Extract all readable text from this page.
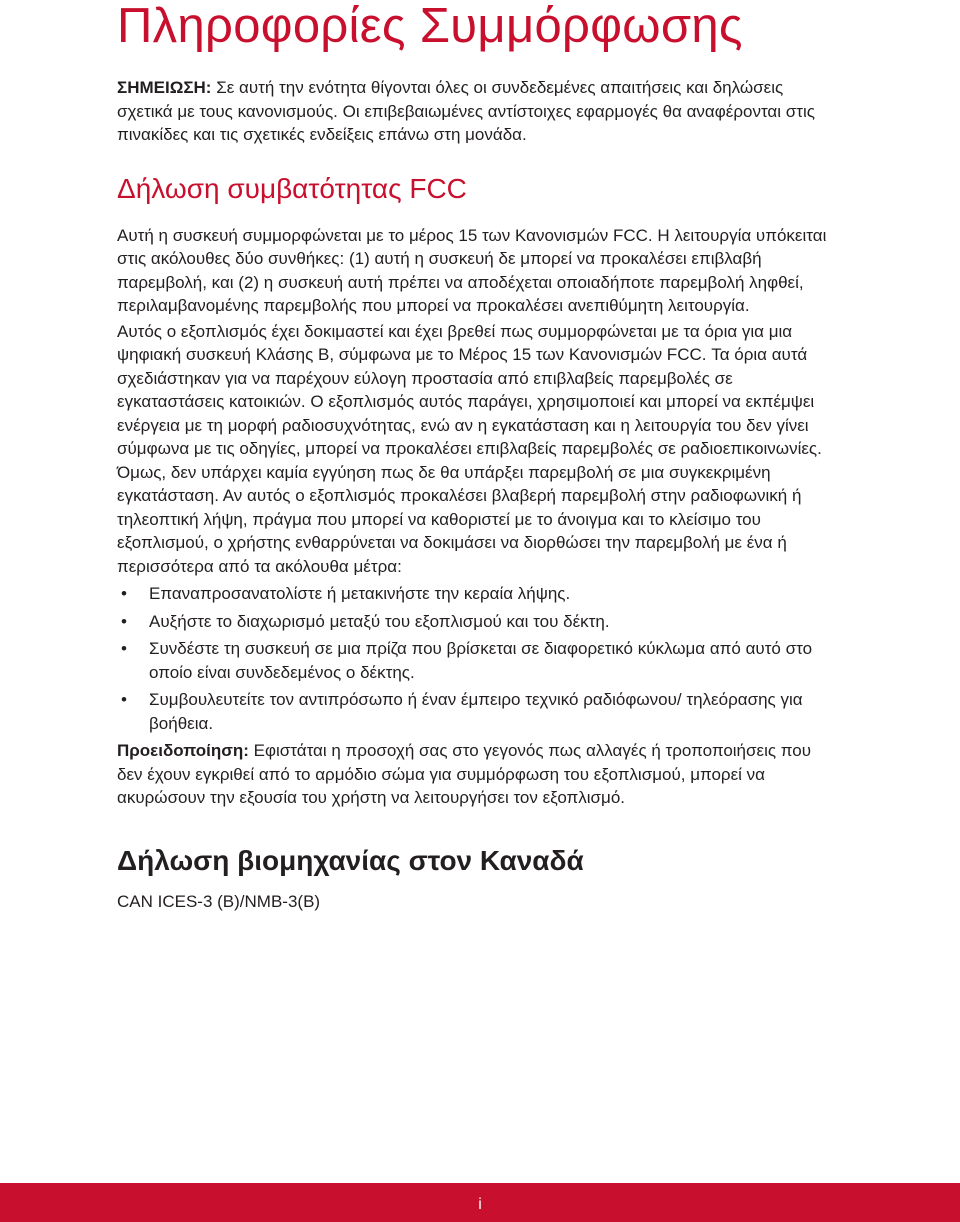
Πληροφορίες Συμμόρφωσης

ΣΗΜΕΙΩΣΗ: Σε αυτή την ενότητα θίγονται όλες οι συνδεδεμένες απαιτήσεις και δηλώσεις σχετικά με τους κανονισμούς. Οι επιβεβαιωμένες αντίστοιχες εφαρμογές θα αναφέρονται στις πινακίδες και τις σχετικές ενδείξεις επάνω στη μονάδα.

Δήλωση συμβατότητας FCC

Αυτή η συσκευή συμμορφώνεται με το μέρος 15 των Κανονισμών FCC. Η λειτουργία υπόκειται στις ακόλουθες δύο συνθήκες: (1) αυτή η συσκευή δε μπορεί να προκαλέσει επιβλαβή παρεμβολή, και (2) η συσκευή αυτή πρέπει να αποδέχεται οποιαδήποτε παρεμβολή ληφθεί, περιλαμβανομένης παρεμβολής που μπορεί να προκαλέσει ανεπιθύμητη λειτουργία.

Αυτός ο εξοπλισμός έχει δοκιμαστεί και έχει βρεθεί πως συμμορφώνεται με τα όρια για μια ψηφιακή συσκευή Κλάσης B, σύμφωνα με το Μέρος 15 των Κανονισμών FCC. Τα όρια αυτά σχεδιάστηκαν για να παρέχουν εύλογη προστασία από επιβλαβείς παρεμβολές σε εγκαταστάσεις κατοικιών. Ο εξοπλισμός αυτός παράγει, χρησιμοποιεί και μπορεί να εκπέμψει ενέργεια με τη μορφή ραδιοσυχνότητας, ενώ αν η εγκατάσταση και η λειτουργία του δεν γίνει σύμφωνα με τις οδηγίες, μπορεί να προκαλέσει επιβλαβείς παρεμβολές σε ραδιοεπικοινωνίες. Όμως, δεν υπάρχει καμία εγγύηση πως δε θα υπάρξει παρεμβολή σε μια συγκεκριμένη εγκατάσταση. Αν αυτός ο εξοπλισμός προκαλέσει βλαβερή παρεμβολή στην ραδιοφωνική ή τηλεοπτική λήψη, πράγμα που μπορεί να καθοριστεί με το άνοιγμα και το κλείσιμο του εξοπλισμού, ο χρήστης ενθαρρύνεται να δοκιμάσει να διορθώσει την παρεμβολή με ένα ή περισσότερα από τα ακόλουθα μέτρα:

• Επαναπροσανατολίστε ή μετακινήστε την κεραία λήψης.
• Αυξήστε το διαχωρισμό μεταξύ του εξοπλισμού και του δέκτη.
• Συνδέστε τη συσκευή σε μια πρίζα που βρίσκεται σε διαφορετικό κύκλωμα από αυτό στο οποίο είναι συνδεδεμένος ο δέκτης.
• Συμβουλευτείτε τον αντιπρόσωπο ή έναν έμπειρο τεχνικό ραδιόφωνου/ τηλεόρασης για βοήθεια.

Προειδοποίηση: Εφιστάται η προσοχή σας στο γεγονός πως αλλαγές ή τροποποιήσεις που δεν έχουν εγκριθεί από το αρμόδιο σώμα για συμμόρφωση του εξοπλισμού, μπορεί να ακυρώσουν την εξουσία του χρήστη να λειτουργήσει τον εξοπλισμό.

Δήλωση βιομηχανίας στον Καναδά

CAN ICES-3 (B)/NMB-3(B)

i
